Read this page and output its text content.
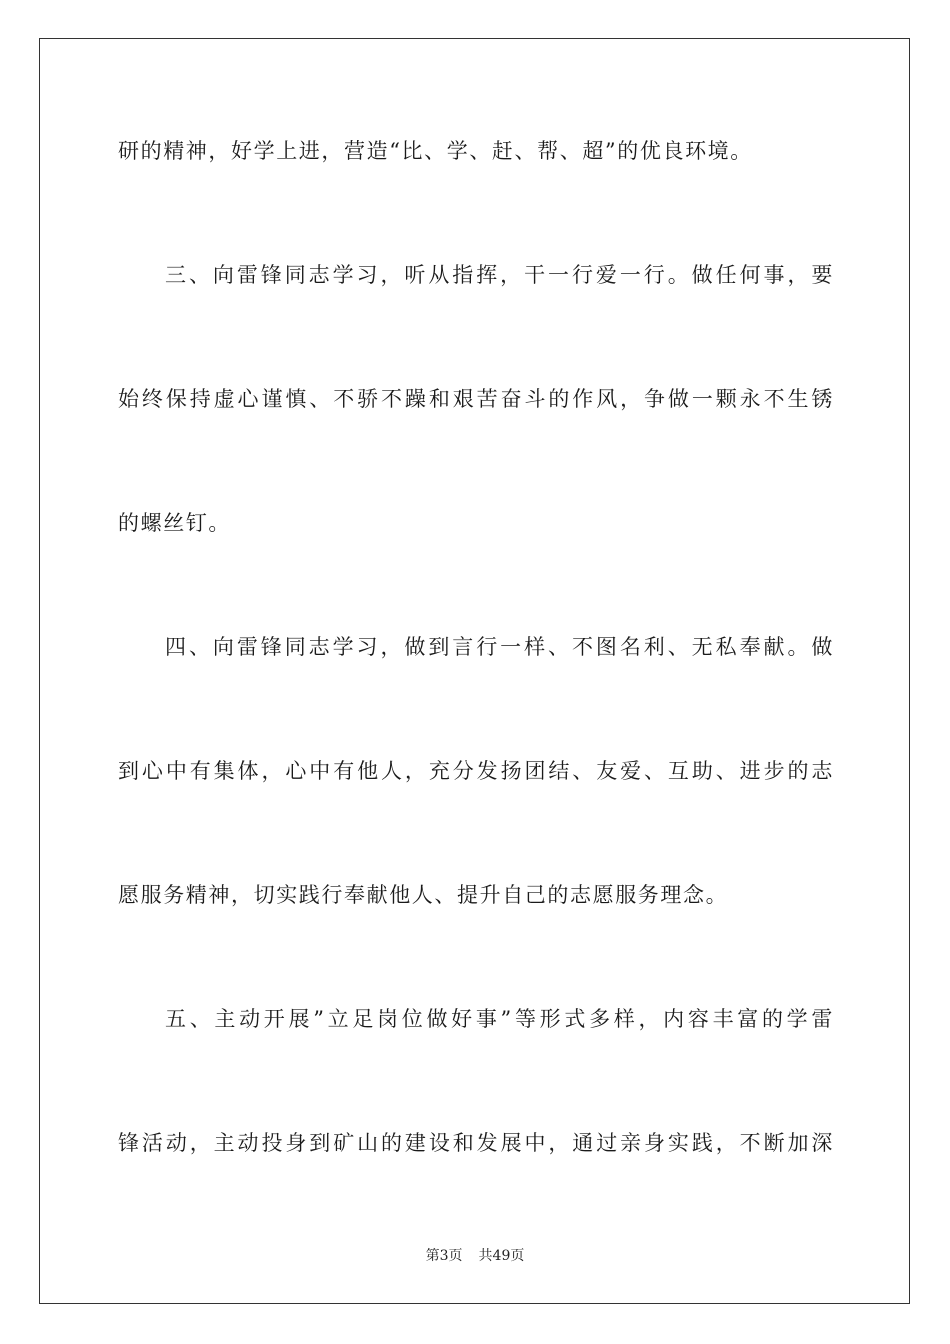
研的精神，好学上进，营造“比、学、赶、帮、超”的优良环境。
三、向雷锋同志学习，听从指挥，干一行爱一行。做任何事，要
始终保持虚心谨慎、不骄不躁和艰苦奋斗的作风，争做一颗永不生锈
的螺丝钉。
四、向雷锋同志学习，做到言行一样、不图名利、无私奉献。做
到心中有集体，心中有他人，充分发扬团结、友爱、互助、进步的志
愿服务精神，切实践行奉献他人、提升自己的志愿服务理念。
五、主动开展”立足岗位做好事”等形式多样，内容丰富的学雷
锋活动，主动投身到矿山的建设和发展中，通过亲身实践，不断加深
第3页 共49页
